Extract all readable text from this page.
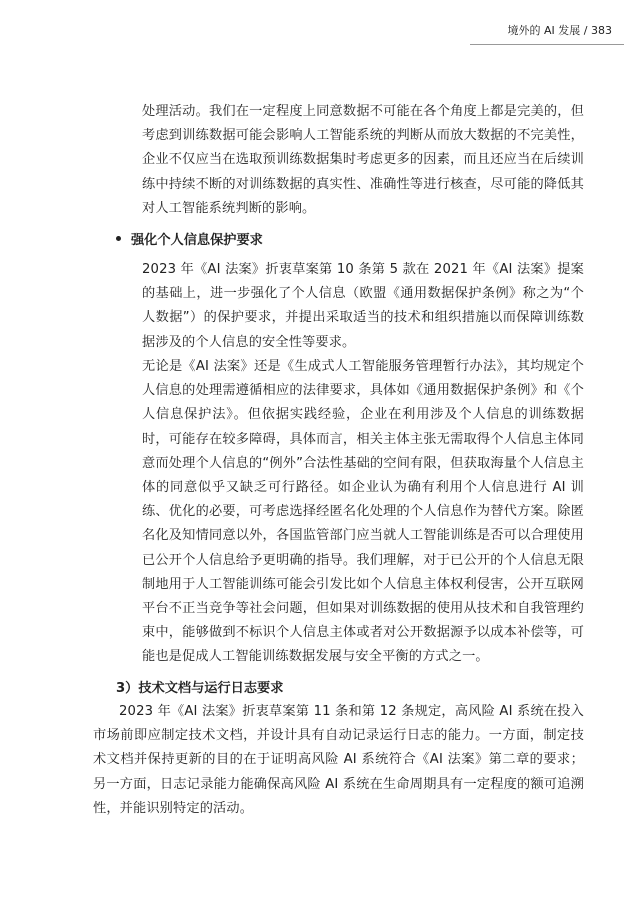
境外的 AI 发展 / 383
处理活动。我们在一定程度上同意数据不可能在各个角度上都是完美的，但考虑到训练数据可能会影响人工智能系统的判断从而放大数据的不完美性，企业不仅应当在选取预训练数据集时考虑更多的因素，而且还应当在后续训练中持续不断的对训练数据的真实性、准确性等进行核查，尽可能的降低其对人工智能系统判断的影响。
强化个人信息保护要求
2023 年《AI 法案》折衷草案第 10 条第 5 款在 2021 年《AI 法案》提案的基础上，进一步强化了个人信息（欧盟《通用数据保护条例》称之为“个人数据”）的保护要求，并提出采取适当的技术和组织措施以而保障训练数据涉及的个人信息的安全性等要求。
无论是《AI 法案》还是《生成式人工智能服务管理暂行办法》，其均规定个人信息的处理需遵循相应的法律要求，具体如《通用数据保护条例》和《个人信息保护法》。但依据实践经验，企业在利用涉及个人信息的训练数据时，可能存在较多障碍，具体而言，相关主体主张无需取得个人信息主体同意而处理个人信息的“例外”合法性基础的空间有限，但获取海量个人信息主体的同意似乎又缺乏可行路径。如企业认为确有利用个人信息进行 AI 训练、优化的必要，可考虑选择经匿名化处理的个人信息作为替代方案。除匿名化及知情同意以外，各国监管部门应当就人工智能训练是否可以合理使用已公开个人信息给予更明确的指导。我们理解，对于已公开的个人信息无限制地用于人工智能训练可能会引发比如个人信息主体权利侵害，公开互联网平台不正当竞争等社会问题，但如果对训练数据的使用从技术和自我管理约束中，能够做到不标识个人信息主体或者对公开数据源予以成本补偿等，可能也是促成人工智能训练数据发展与安全平衡的方式之一。
3）技术文档与运行日志要求
2023 年《AI 法案》折衷草案第 11 条和第 12 条规定，高风险 AI 系统在投入市场前即应制定技术文档，并设计具有自动记录运行日志的能力。一方面，制定技术文档并保持更新的目的在于证明高风险 AI 系统符合《AI 法案》第二章的要求；另一方面，日志记录能力能确保高风险 AI 系统在生命周期具有一定程度的额可追溯性，并能识别特定的活动。
